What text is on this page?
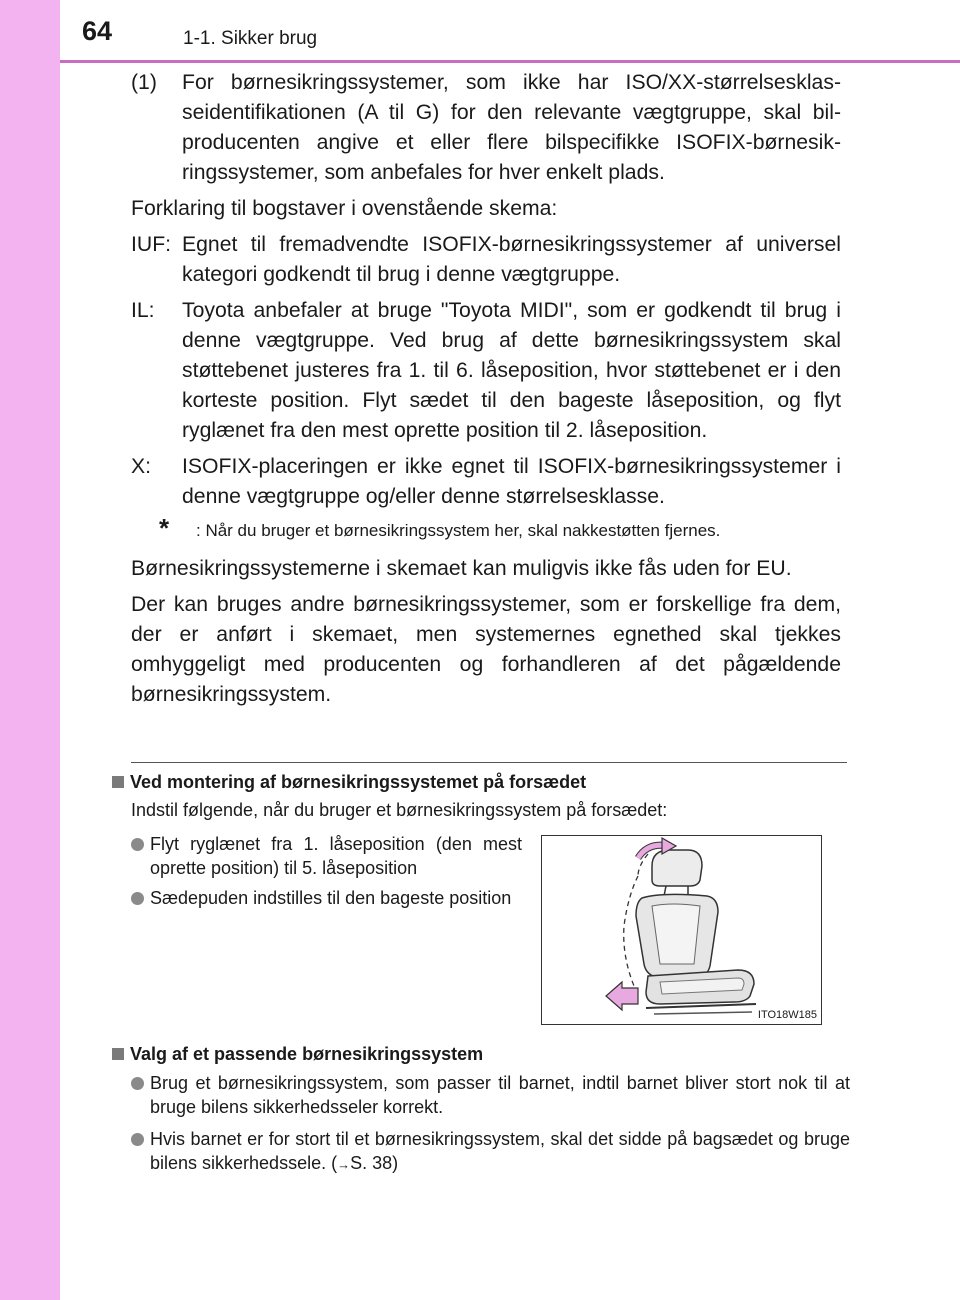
64	1-1. Sikker brug
(1) For børnesikringssystemer, som ikke har ISO/XX-størrelsesklasseidentifikationen (A til G) for den relevante vægtgruppe, skal bilproducenten angive et eller flere bilspecifikke ISOFIX-børnesikringssystemer, som anbefales for hver enkelt plads.

Forklaring til bogstaver i ovenstående skema:

IUF: Egnet til fremadvendte ISOFIX-børnesikringssystemer af universel kategori godkendt til brug i denne vægtgruppe.
IL: Toyota anbefaler at bruge "Toyota MIDI", som er godkendt til brug i denne vægtgruppe. Ved brug af dette børnesikringssystem skal støttebenet justeres fra 1. til 6. låseposition, hvor støttebenet er i den korteste position. Flyt sædet til den bageste låseposition, og flyt ryglænet fra den mest oprette position til 2. låseposition.
X: ISOFIX-placeringen er ikke egnet til ISOFIX-børnesikringssystemer i denne vægtgruppe og/eller denne størrelsesklasse.
* : Når du bruger et børnesikringssystem her, skal nakkestøtten fjernes.

Børnesikringssystemerne i skemaet kan muligvis ikke fås uden for EU.

Der kan bruges andre børnesikringssystemer, som er forskellige fra dem, der er anført i skemaet, men systemernes egnethed skal tjekkes omhyggeligt med producenten og forhandleren af det pågældende børnesikringssystem.

Ved montering af børnesikringssystemet på forsædet
Indstil følgende, når du bruger et børnesikringssystem på forsædet:
Flyt ryglænet fra 1. låseposition (den mest oprette position) til 5. låseposition
Sædepuden indstilles til den bageste position
ITO18W185
Valg af et passende børnesikringssystem
Brug et børnesikringssystem, som passer til barnet, indtil barnet bliver stort nok til at bruge bilens sikkerhedsseler korrekt.
Hvis barnet er for stort til et børnesikringssystem, skal det sidde på bagsædet og bruge bilens sikkerhedssele. (→S. 38)
